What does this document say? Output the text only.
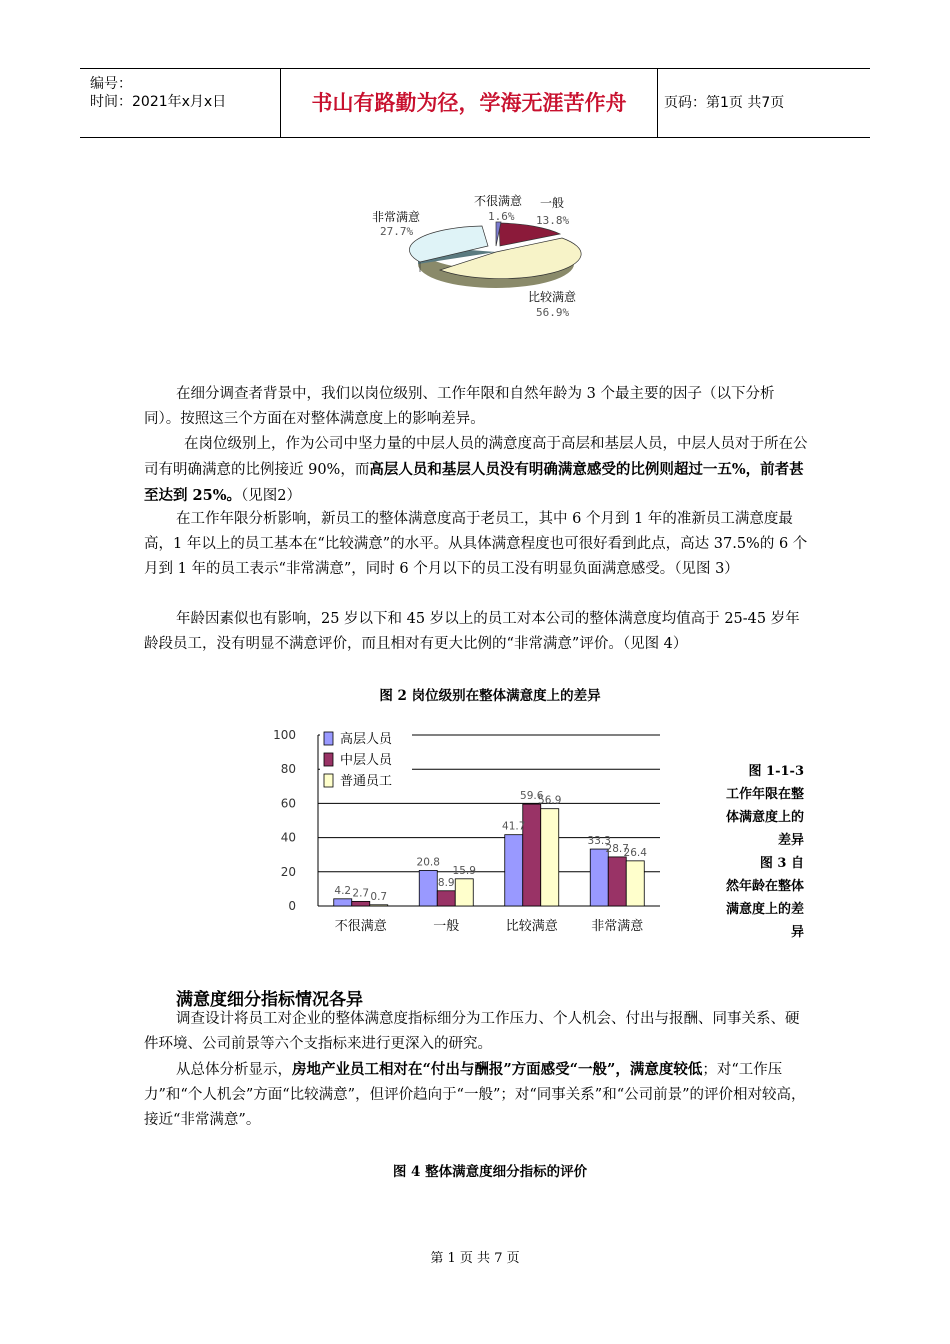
编号：
时间：2021年x月x日	书山有路勤为径，学海无涯苦作舟	页码：第1页 共7页
非常满意
27.7%
不很满意
1.6%
一般
13.8%
比较满意
56.9%
在细分调查者背景中，我们以岗位级别、工作年限和自然年龄为 3 个最主要的因子（以下分析同）。按照这三个方面在对整体满意度上的影响差异。
在岗位级别上，作为公司中坚力量的中层人员的满意度高于高层和基层人员，中层人员对于所在公司有明确满意的比例接近 90%，而高层人员和基层人员没有明确满意感受的比例则超过一五%，前者甚至达到 25%。（见图2）
在工作年限分析影响，新员工的整体满意度高于老员工，其中 6 个月到 1 年的准新员工满意度最高，1 年以上的员工基本在“比较满意”的水平。从具体满意程度也可很好看到此点，高达 37.5%的 6 个月到 1 年的员工表示“非常满意”，同时 6 个月以下的员工没有明显负面满意感受。（见图 3）
年龄因素似也有影响，25 岁以下和 45 岁以上的员工对本公司的整体满意度均值高于 25-45 岁年龄段员工，没有明显不满意评价，而且相对有更大比例的“非常满意”评价。（见图 4）
图 2 岗位级别在整体满意度上的差异
100
80
60
40
20
0
4.2 2.7 0.7
20.8
8.9
15.9
41.7
59.6
56.9
33.3
28.7
26.4
不很满意	一般	比较满意	非常满意
高层人员
中层人员
普通员工
图 1-1-3
工作年限在整
体满意度上的
差异
图 3 自
然年龄在整体
满意度上的差
异
满意度细分指标情况各异
调查设计将员工对企业的整体满意度指标细分为工作压力、个人机会、付出与报酬、同事关系、硬件环境、公司前景等六个支指标来进行更深入的研究。
从总体分析显示，房地产业员工相对在“付出与酬报”方面感受“一般”，满意度较低；对“工作压力”和“个人机会”方面“比较满意”，但评价趋向于“一般”；对“同事关系”和“公司前景”的评价相对较高，接近“非常满意”。
图 4 整体满意度细分指标的评价
第 1 页 共 7 页
